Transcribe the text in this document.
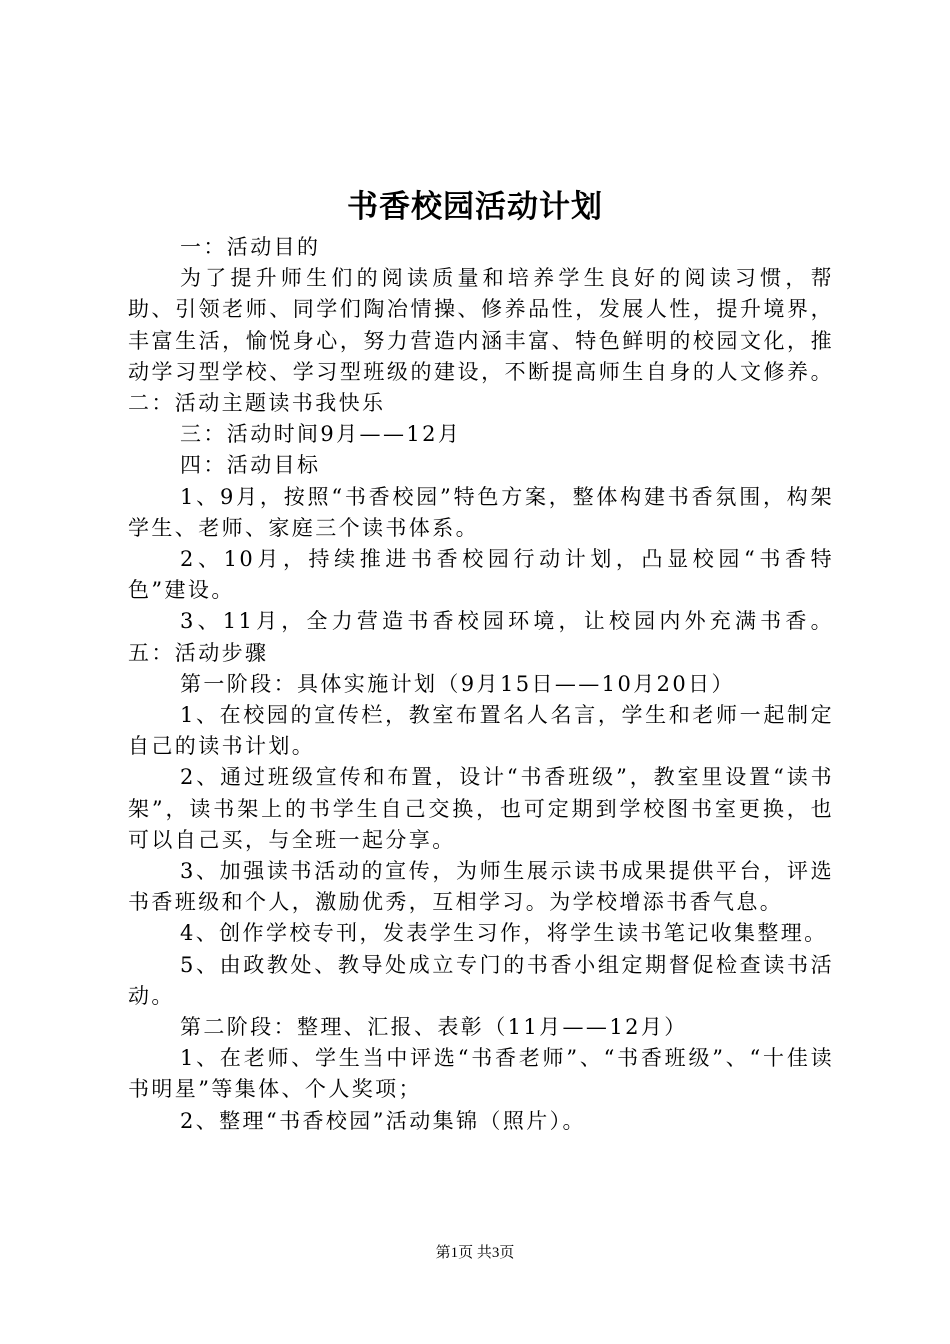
书香校园活动计划

一：活动目的

为了提升师生们的阅读质量和培养学生良好的阅读习惯，帮助、引领老师、同学们陶冶情操、修养品性，发展人性，提升境界，丰富生活，愉悦身心，努力营造内涵丰富、特色鲜明的校园文化，推动学习型学校、学习型班级的建设，不断提高师生自身的人文修养。二：活动主题读书我快乐

三：活动时间9月——12月

四：活动目标

1、9月，按照“书香校园”特色方案，整体构建书香氛围，构架学生、老师、家庭三个读书体系。

2、10月，持续推进书香校园行动计划，凸显校园“书香特色”建设。

3、11月，全力营造书香校园环境，让校园内外充满书香。五：活动步骤

第一阶段：具体实施计划（9月15日——10月20日）

1、在校园的宣传栏，教室布置名人名言，学生和老师一起制定自己的读书计划。

2、通过班级宣传和布置，设计“书香班级”，教室里设置“读书架”，读书架上的书学生自己交换，也可定期到学校图书室更换，也可以自己买，与全班一起分享。

3、加强读书活动的宣传，为师生展示读书成果提供平台，评选书香班级和个人，激励优秀，互相学习。为学校增添书香气息。

4、创作学校专刊，发表学生习作，将学生读书笔记收集整理。

5、由政教处、教导处成立专门的书香小组定期督促检查读书活动。

第二阶段：整理、汇报、表彰（11月——12月）

1、在老师、学生当中评选“书香老师”、“书香班级”、“十佳读书明星”等集体、个人奖项；

2、整理“书香校园”活动集锦（照片）。

第1页 共3页
